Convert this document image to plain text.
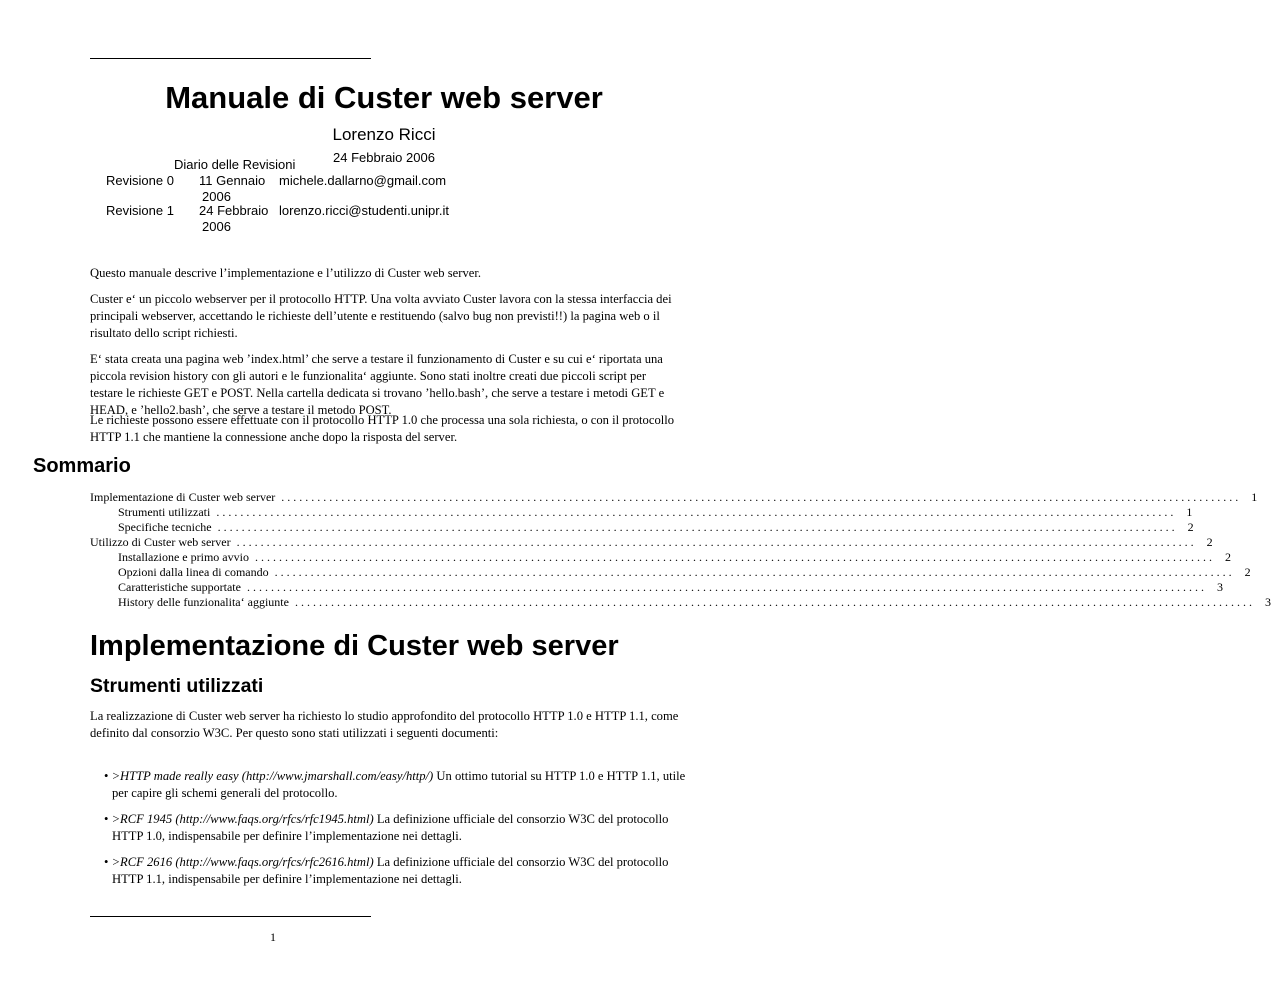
Manuale di Custer web server
Lorenzo Ricci
24 Febbraio 2006
Diario delle Revisioni
Revisione 0 11 Gennaio
2006
michele.dallarno@gmail.com
Revisione 1 24 Febbraio
2006
lorenzo.ricci@studenti.unipr.it

Questo manuale descrive l’implementazione e l’utilizzo di Custer web server.

Custer e‘ un piccolo webserver per il protocollo HTTP. Una volta avviato Custer lavora con la stessa interfaccia dei principali webserver, accettando le richieste dell’utente e restituendo (salvo bug non previsti!!) la pagina web o il risultato dello script richiesti.

E‘ stata creata una pagina web ’index.html’ che serve a testare il funzionamento di Custer e su cui e‘ riportata una piccola revision history con gli autori e le funzionalita‘ aggiunte. Sono stati inoltre creati due piccoli script per testare le richieste GET e POST. Nella cartella dedicata si trovano ’hello.bash’, che serve a testare i metodi GET e HEAD, e ’hello2.bash’, che serve a testare il metodo POST.

Le richieste possono essere effettuate con il protocollo HTTP 1.0 che processa una sola richiesta, o con il protocollo HTTP 1.1 che mantiene la connessione anche dopo la risposta del server.

Sommario
Implementazione di Custer web server ................................................................................................................................................................ 1
Strumenti utilizzati ................................................................................................................................................................ 1
Specifiche tecniche ................................................................................................................................................................ 2
Utilizzo di Custer web server ................................................................................................................................................................ 2
Installazione e primo avvio ................................................................................................................................................................ 2
Opzioni dalla linea di comando ................................................................................................................................................................ 2
Caratteristiche supportate ................................................................................................................................................................ 3
History delle funzionalita‘ aggiunte ................................................................................................................................................................ 3
Implementazione di Custer web server
Strumenti utilizzati

La realizzazione di Custer web server ha richiesto lo studio approfondito del protocollo HTTP 1.0 e HTTP 1.1, come definito dal consorzio W3C. Per questo sono stati utilizzati i seguenti documenti:

• >HTTP made really easy (http://www.jmarshall.com/easy/http/) Un ottimo tutorial su HTTP 1.0 e HTTP 1.1, utile per capire gli schemi generali del protocollo.

• >RCF 1945 (http://www.faqs.org/rfcs/rfc1945.html) La definizione ufficiale del consorzio W3C del protocollo HTTP 1.0, indispensabile per definire l’implementazione nei dettagli.

• >RCF 2616 (http://www.faqs.org/rfcs/rfc2616.html) La definizione ufficiale del consorzio W3C del protocollo HTTP 1.1, indispensabile per definire l’implementazione nei dettagli.

1
